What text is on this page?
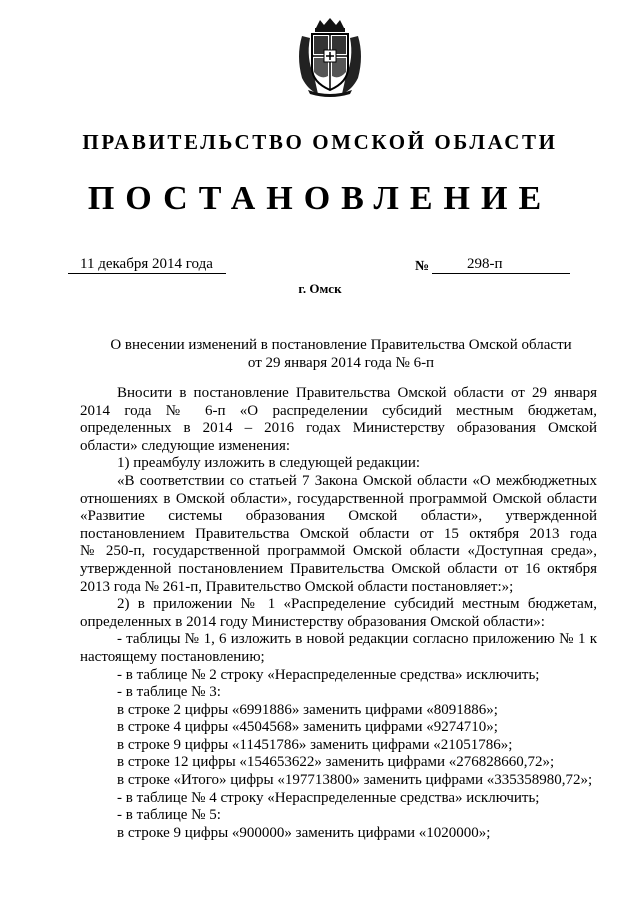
ПРАВИТЕЛЬСТВО ОМСКОЙ ОБЛАСТИ
ПОСТАНОВЛЕНИЕ
11 декабря 2014 года	№	298-п
г. Омск
О внесении изменений в постановление Правительства Омской области
от 29 января 2014 года № 6-п

Вносити в постановление Правительства Омской области от 29 января

2014 года № 6-п «О распределении субсидий местным бюджетам,

определенных в 2014 – 2016 годах Министерству образования Омской

области» следующие изменения:

1) преамбулу изложить в следующей редакции:

«В соответствии со статьей 7 Закона Омской области «О межбюджетных

отношениях в Омской области», государственной программой Омской области

«Развитие системы образования Омской области», утвержденной

постановлением Правительства Омской области от 15 октября 2013 года

№ 250-п, государственной программой Омской области «Доступная среда»,

утвержденной постановлением Правительства Омской области от 16 октября

2013 года № 261-п, Правительство Омской области постановляет:»;

2) в приложении № 1 «Распределение субсидий местным бюджетам,

определенных в 2014 году Министерству образования Омской области»:

- таблицы № 1, 6 изложить в новой редакции согласно приложению № 1 к

настоящему постановлению;

- в таблице № 2 строку «Нераспределенные средства» исключить;

- в таблице № 3:

в строке 2 цифры «6991886» заменить цифрами «8091886»;

в строке 4 цифры «4504568» заменить цифрами «9274710»;

в строке 9 цифры «11451786» заменить цифрами «21051786»;

в строке 12 цифры «154653622» заменить цифрами «276828660,72»;

в строке «Итого» цифры «197713800» заменить цифрами «335358980,72»;

- в таблице № 4 строку «Нераспределенные средства» исключить;

- в таблице № 5:

в строке 9 цифры «900000» заменить цифрами «1020000»;
